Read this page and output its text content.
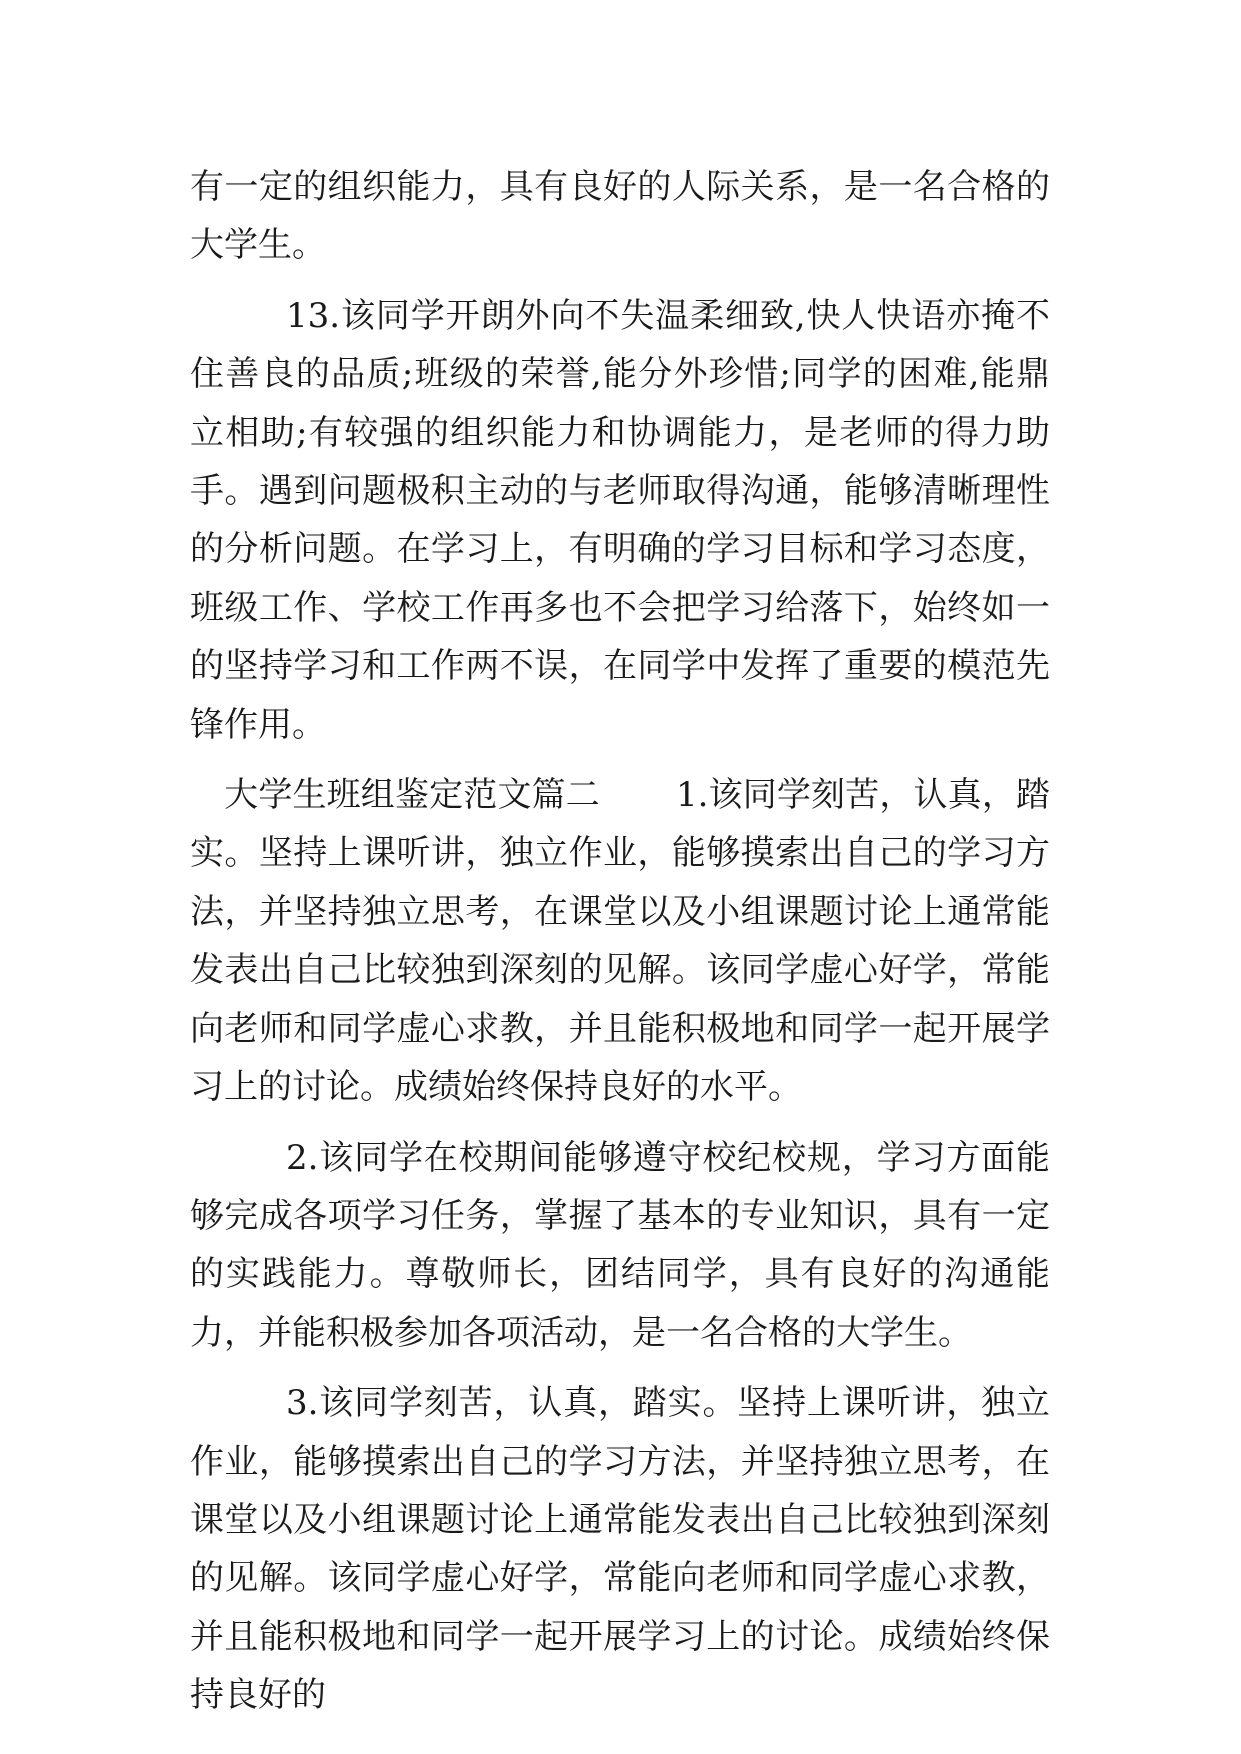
有一定的组织能力，具有良好的人际关系，是一名合格的大学生。

13.该同学开朗外向不失温柔细致,快人快语亦掩不住善良的品质;班级的荣誉,能分外珍惜;同学的困难,能鼎立相助;有较强的组织能力和协调能力，是老师的得力助手。遇到问题极积主动的与老师取得沟通，能够清晰理性的分析问题。在学习上，有明确的学习目标和学习态度，班级工作、学校工作再多也不会把学习给落下，始终如一的坚持学习和工作两不误，在同学中发挥了重要的模范先锋作用。

大学生班组鉴定范文篇二 1.该同学刻苦，认真，踏实。坚持上课听讲，独立作业，能够摸索出自己的学习方法，并坚持独立思考，在课堂以及小组课题讨论上通常能发表出自己比较独到深刻的见解。该同学虚心好学，常能向老师和同学虚心求教，并且能积极地和同学一起开展学习上的讨论。成绩始终保持良好的水平。

2.该同学在校期间能够遵守校纪校规，学习方面能够完成各项学习任务，掌握了基本的专业知识，具有一定的实践能力。尊敬师长，团结同学，具有良好的沟通能力，并能积极参加各项活动，是一名合格的大学生。

3.该同学刻苦，认真，踏实。坚持上课听讲，独立作业，能够摸索出自己的学习方法，并坚持独立思考，在课堂以及小组课题讨论上通常能发表出自己比较独到深刻的见解。该同学虚心好学，常能向老师和同学虚心求教，并且能积极地和同学一起开展学习上的讨论。成绩始终保持良好的
